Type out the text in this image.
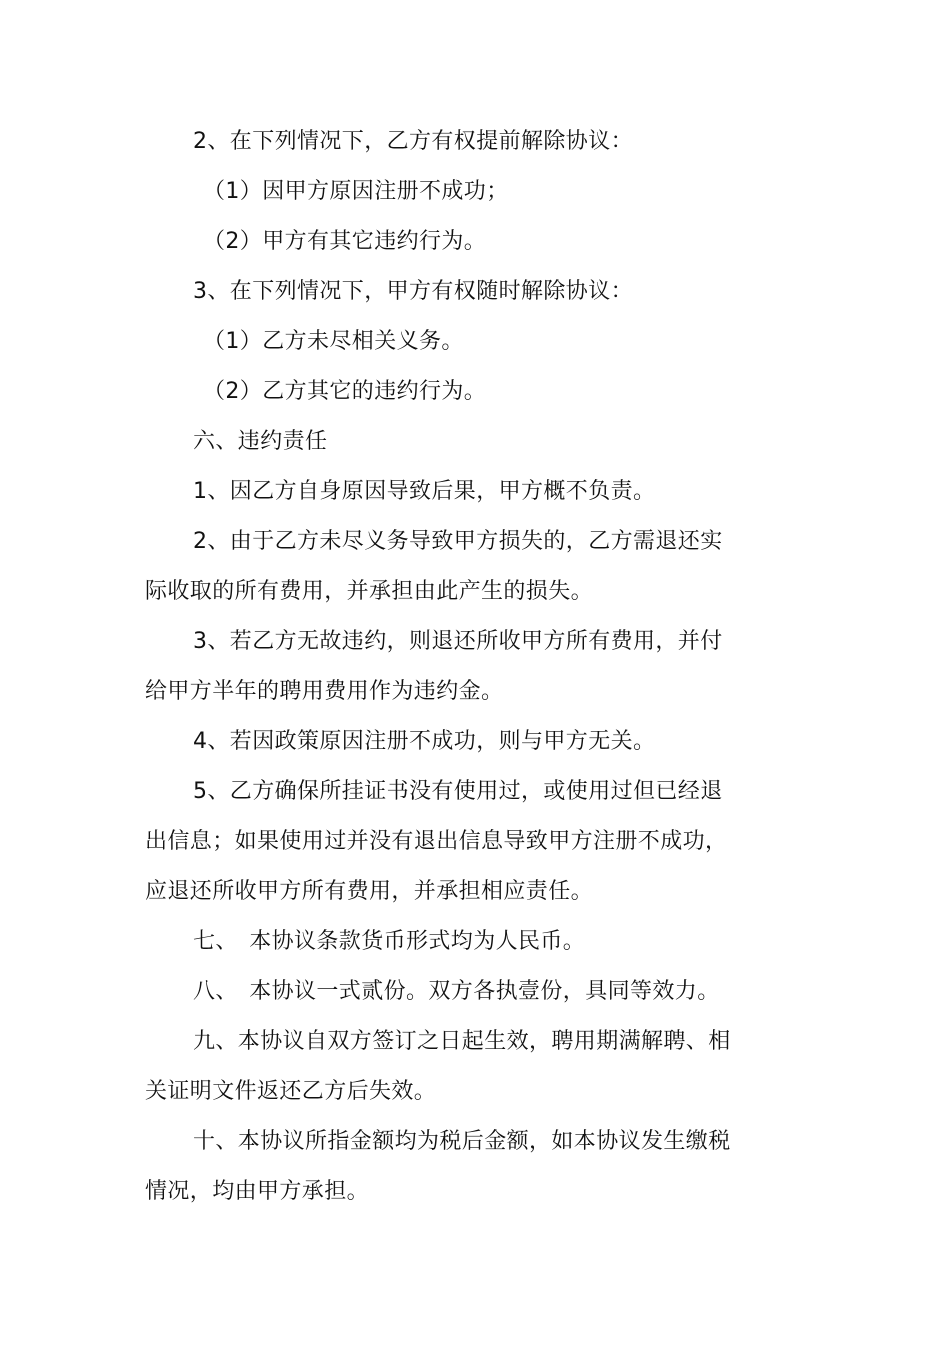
2、在下列情况下，乙方有权提前解除协议：
（1）因甲方原因注册不成功；
（2）甲方有其它违约行为。
3、在下列情况下，甲方有权随时解除协议：
（1）乙方未尽相关义务。
（2）乙方其它的违约行为。
六、违约责任
1、因乙方自身原因导致后果，甲方概不负责。
2、由于乙方未尽义务导致甲方损失的，乙方需退还实
际收取的所有费用，并承担由此产生的损失。
3、若乙方无故违约，则退还所收甲方所有费用，并付
给甲方半年的聘用费用作为违约金。
4、若因政策原因注册不成功，则与甲方无关。
5、乙方确保所挂证书没有使用过，或使用过但已经退
出信息；如果使用过并没有退出信息导致甲方注册不成功，
应退还所收甲方所有费用，并承担相应责任。
七、　本协议条款货币形式均为人民币。
八、　本协议一式贰份。双方各执壹份，具同等效力。
九、本协议自双方签订之日起生效，聘用期满解聘、相
关证明文件返还乙方后失效。
十、本协议所指金额均为税后金额，如本协议发生缴税
情况，均由甲方承担。
